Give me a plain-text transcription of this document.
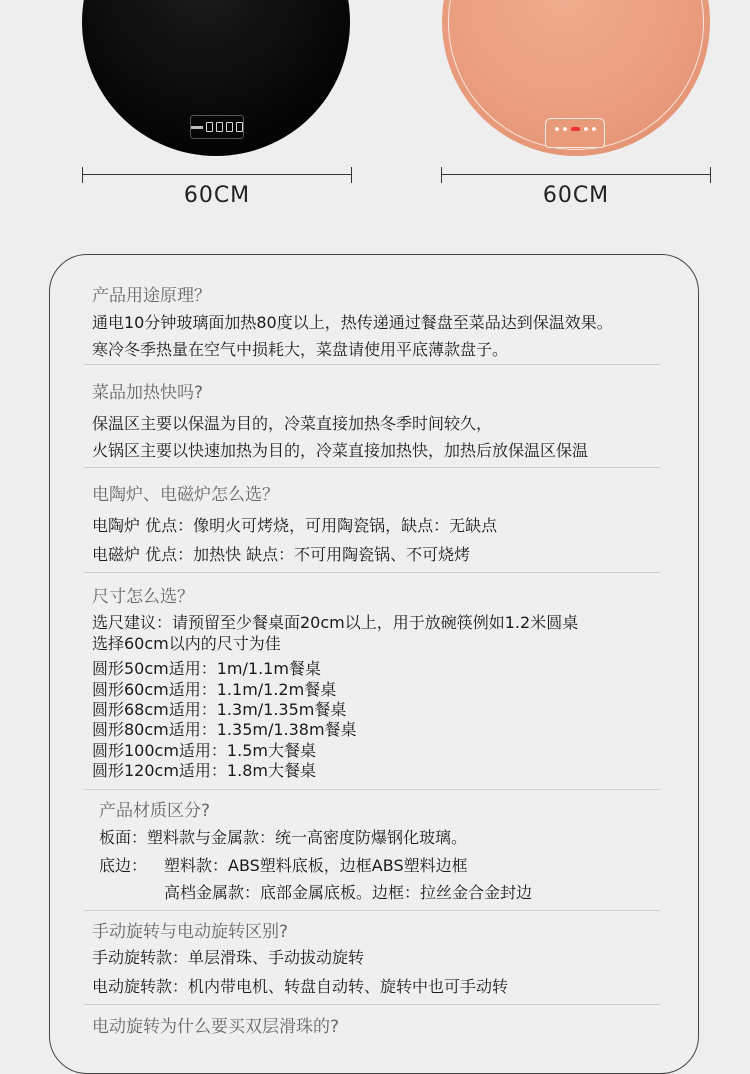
60CM	60CM
产品用途原理？
通电10分钟玻璃面加热80度以上，热传递通过餐盘至菜品达到保温效果。
寒冷冬季热量在空气中损耗大，菜盘请使用平底薄款盘子。
菜品加热快吗?
保温区主要以保温为目的，冷菜直接加热冬季时间较久，
火锅区主要以快速加热为目的，冷菜直接加热快，加热后放保温区保温
电陶炉、电磁炉怎么选？
电陶炉 优点：像明火可烤烧，可用陶瓷锅，缺点：无缺点
电磁炉 优点：加热快 缺点：不可用陶瓷锅、不可烧烤
尺寸怎么选？
选尺建议：请预留至少餐桌面20cm以上，用于放碗筷例如1.2米圆桌
选择60cm以内的尺寸为佳
圆形50cm适用：1m/1.1m餐桌
圆形60cm适用：1.1m/1.2m餐桌
圆形68cm适用：1.3m/1.35m餐桌
圆形80cm适用：1.35m/1.38m餐桌
圆形100cm适用：1.5m大餐桌
圆形120cm适用：1.8m大餐桌
产品材质区分?
板面：塑料款与金属款：统一高密度防爆钢化玻璃。
底边： 塑料款：ABS塑料底板，边框ABS塑料边框
高档金属款：底部金属底板。边框：拉丝金合金封边
手动旋转与电动旋转区别?
手动旋转款：单层滑珠、手动拔动旋转
电动旋转款：机内带电机、转盘自动转、旋转中也可手动转
电动旋转为什么要买双层滑珠的?
